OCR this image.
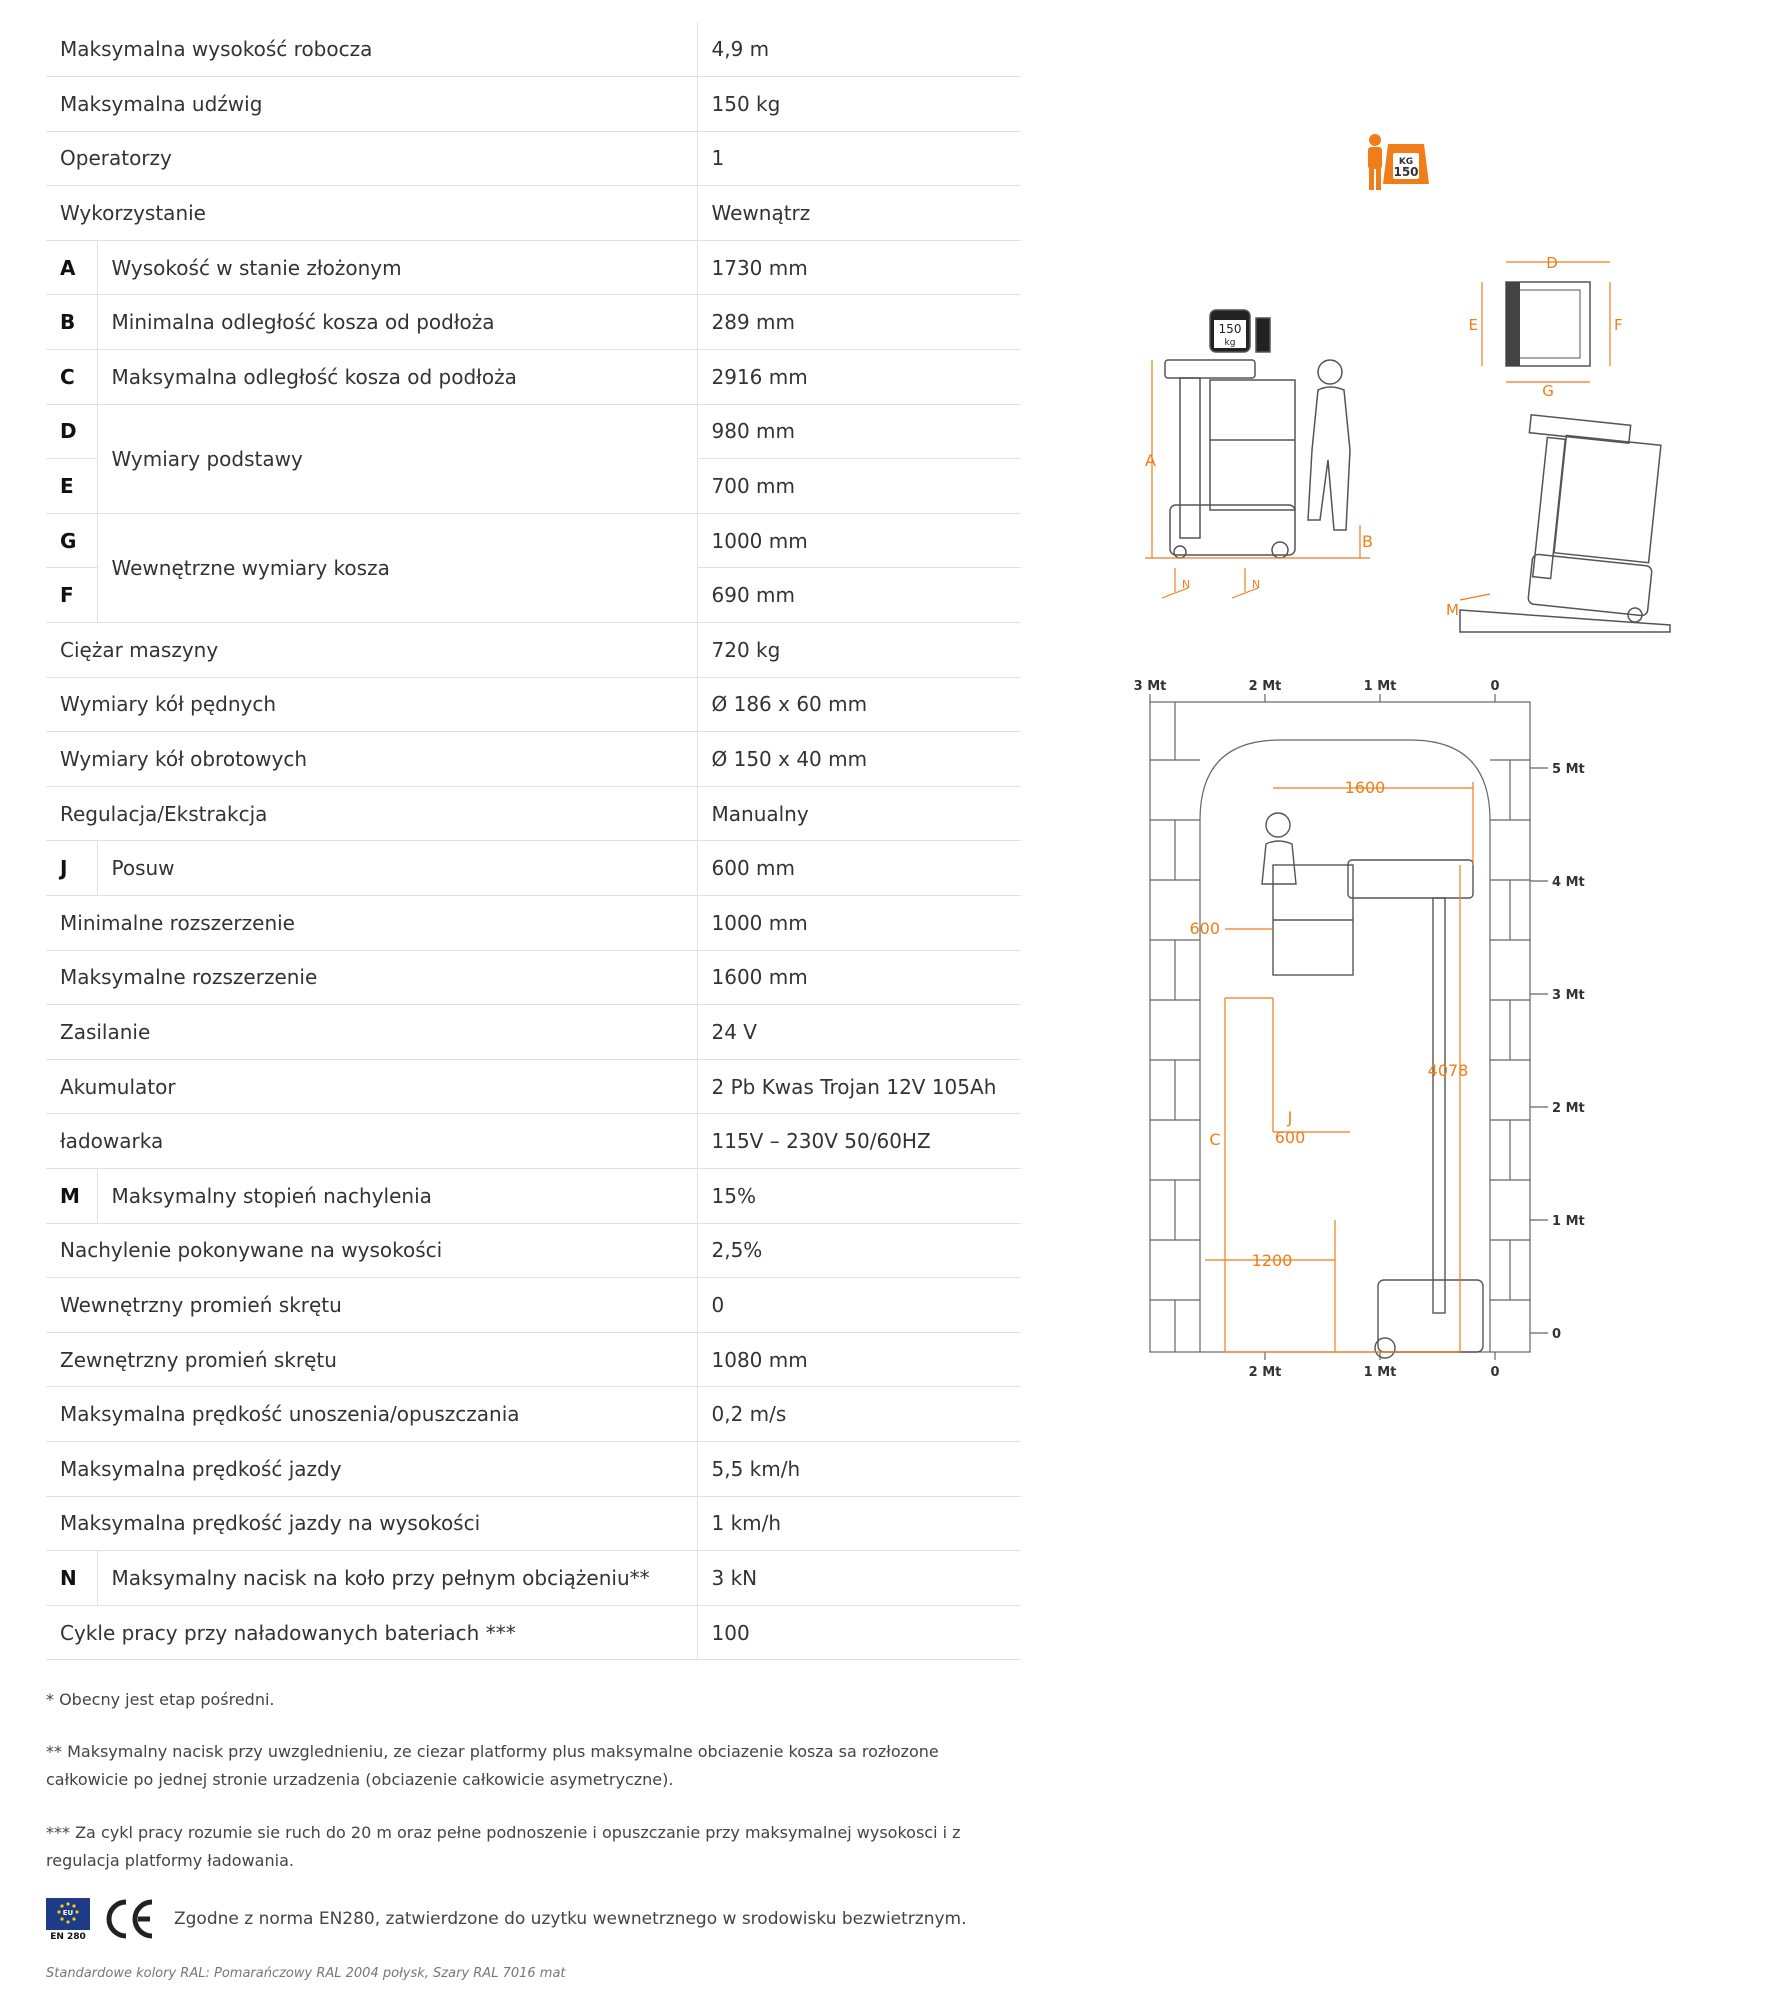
Maksymalna wysokość robocza		4,9 m
Maksymalna udźwig		150 kg
Operatorzy		1
Wykorzystanie		Wewnątrz
A	Wysokość w stanie złożonym	1730 mm
B	Minimalna odległość kosza od podłoża	289 mm
C	Maksymalna odległość kosza od podłoża	2916 mm
D	Wymiary podstawy	980 mm
E		700 mm
G	Wewnętrzne wymiary kosza	1000 mm
F		690 mm
Ciężar maszyny		720 kg
Wymiary kół pędnych		Ø 186 x 60 mm
Wymiary kół obrotowych		Ø 150 x 40 mm
Regulacja/Ekstrakcja		Manualny
J	Posuw	600 mm
Minimalne rozszerzenie		1000 mm
Maksymalne rozszerzenie		1600 mm
Zasilanie		24 V
Akumulator		2 Pb Kwas Trojan 12V 105Ah
ładowarka		115V – 230V 50/60HZ
M	Maksymalny stopień nachylenia	15%
Nachylenie pokonywane na wysokości		2,5%
Wewnętrzny promień skrętu		0
Zewnętrzny promień skrętu		1080 mm
Maksymalna prędkość unoszenia/opuszczania		0,2 m/s
Maksymalna prędkość jazdy		5,5 km/h
Maksymalna prędkość jazdy na wysokości		1 km/h
N	Maksymalny nacisk na koło przy pełnym obciążeniu**	3 kN
Cykle pracy przy naładowanych bateriach ***		100

* Obecny jest etap pośredni.

** Maksymalny nacisk przy uwzglednieniu, ze ciezar platformy plus maksymalne obciazenie kosza sa rozłozone całkowicie po jednej stronie urzadzenia (obciazenie całkowicie asymetryczne).

*** Za cykl pracy rozumie sie ruch do 20 m oraz pełne podnoszenie i opuszczanie przy maksymalnej wysokosci i z regulacja platformy ładowania.

EU
EN 280
Zgodne z norma EN280, zatwierdzone do uzytku wewnetrznego w srodowisku bezwietrznym.

Standardowe kolory RAL: Pomarańczowy RAL 2004 połysk, Szary RAL 7016 mat

KG
150
150
kg
A
B
N	N
D
E	F
G
M
3 Mt	2 Mt	1 Mt	0
2 Mt	1 Mt	0
5 Mt
4 Mt
3 Mt
2 Mt
1 Mt
0
1600
600
4078
600
J
C
1200
